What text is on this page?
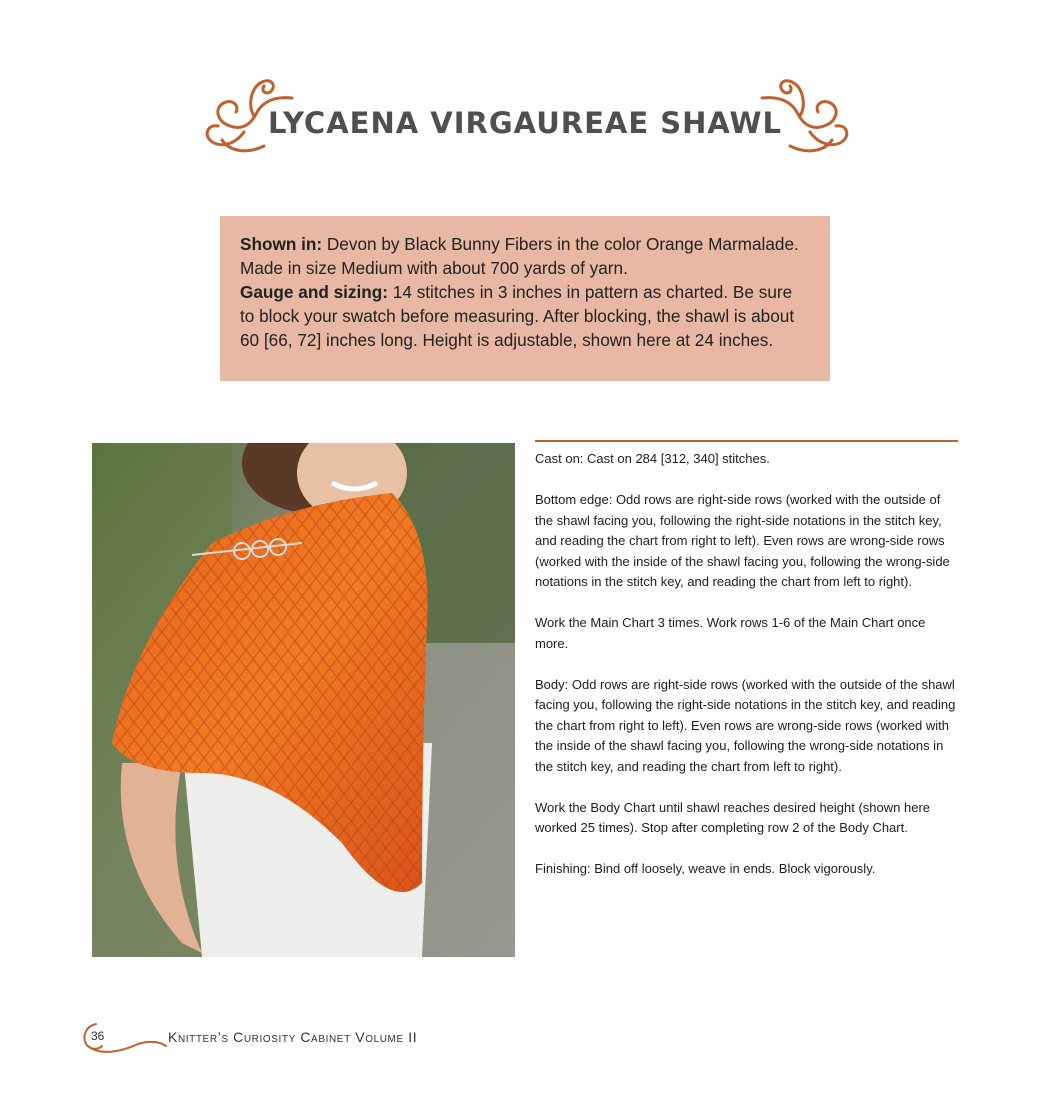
LYCAENA VIRGAUREAE SHAWL
Shown in: Devon by Black Bunny Fibers in the color Orange Marmalade. Made in size Medium with about 700 yards of yarn.
Gauge and sizing: 14 stitches in 3 inches in pattern as charted. Be sure to block your swatch before measuring. After blocking, the shawl is about 60 [66, 72] inches long. Height is adjustable, shown here at 24 inches.

Cast on: Cast on 284 [312, 340] stitches.

Bottom edge: Odd rows are right-side rows (worked with the outside of the shawl facing you, following the right-side notations in the stitch key, and reading the chart from right to left). Even rows are wrong-side rows (worked with the inside of the shawl facing you, following the wrong-side notations in the stitch key, and reading the chart from left to right).

Work the Main Chart 3 times. Work rows 1-6 of the Main Chart once more.

Body: Odd rows are right-side rows (worked with the outside of the shawl facing you, following the right-side notations in the stitch key, and reading the chart from right to left). Even rows are wrong-side rows (worked with the inside of the shawl facing you, following the wrong-side notations in the stitch key, and reading the chart from left to right).

Work the Body Chart until shawl reaches desired height (shown here worked 25 times). Stop after completing row 2 of the Body Chart.

Finishing: Bind off loosely, weave in ends. Block vigorously.

36	Knitter’s Curiosity Cabinet Volume II
